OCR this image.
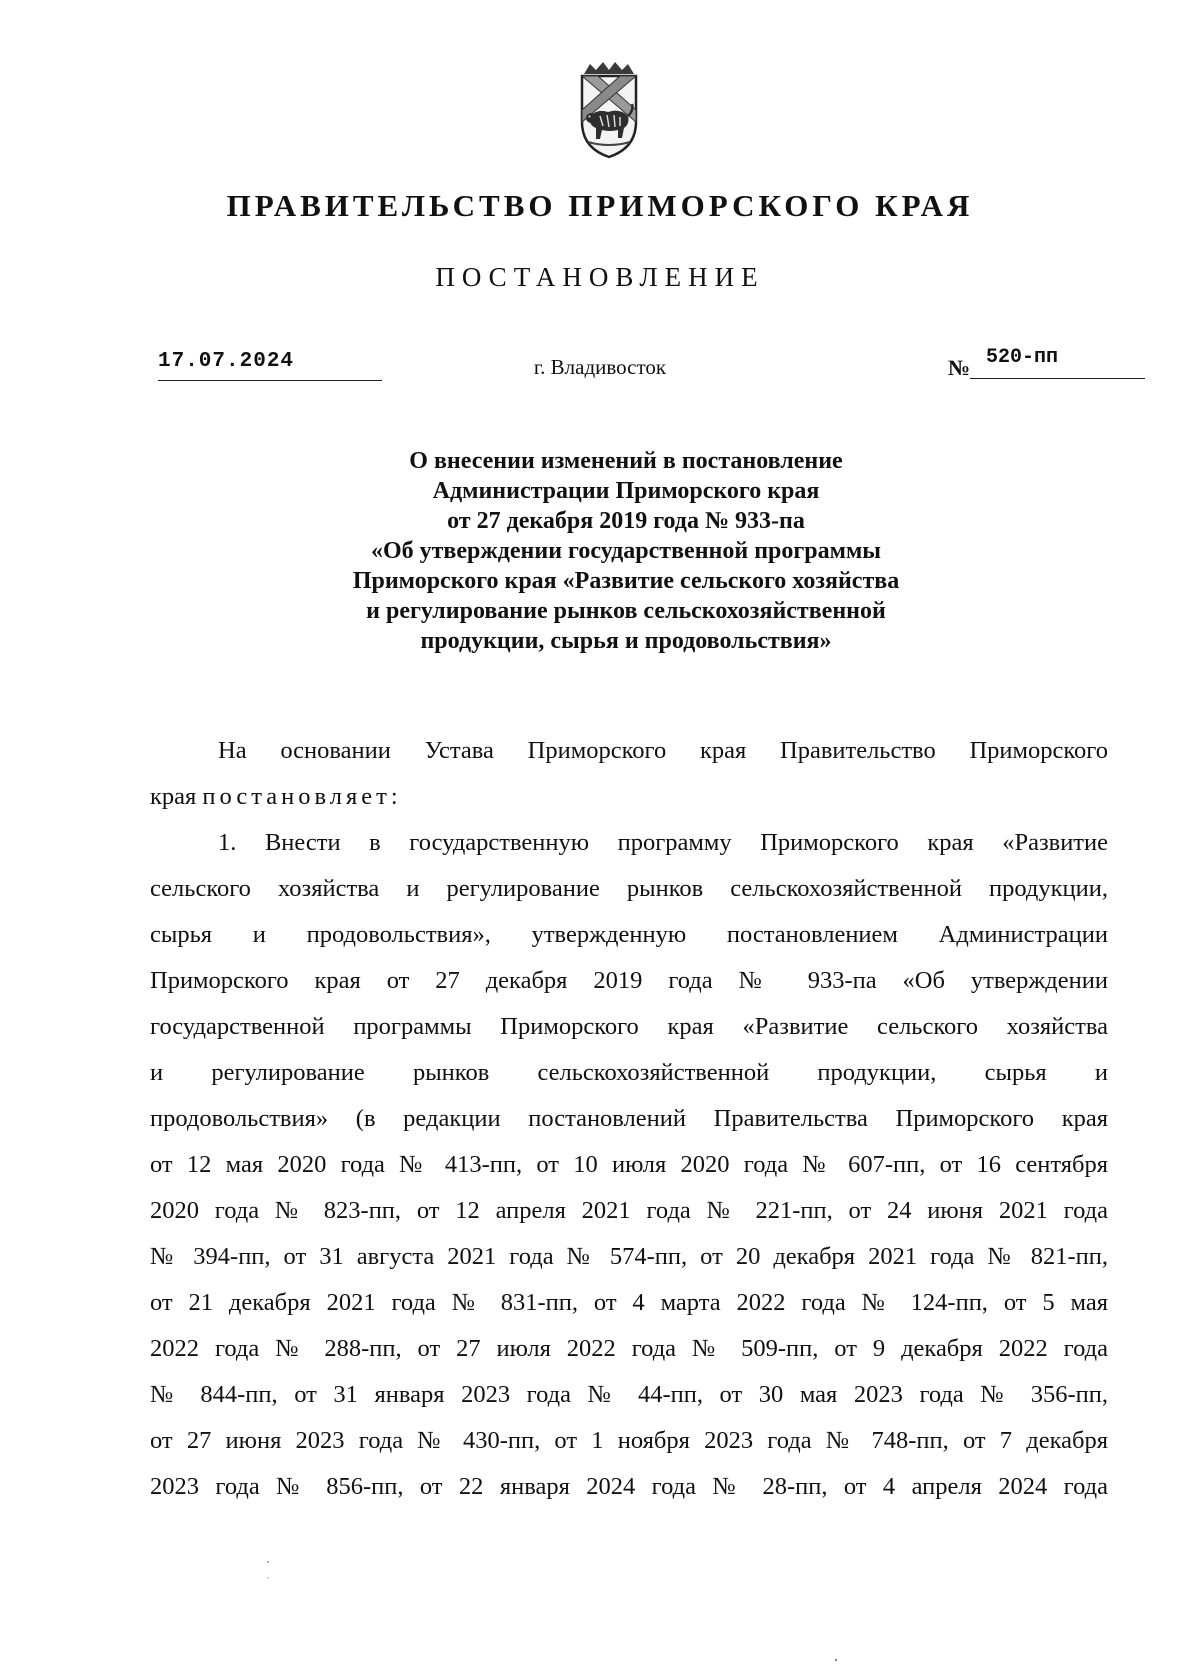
ПРАВИТЕЛЬСТВО ПРИМОРСКОГО КРАЯ
ПОСТАНОВЛЕНИЕ
17.07.2024	г. Владивосток	№ 520-пп
О внесении изменений в постановление
Администрации Приморского края
от 27 декабря 2019 года № 933-па
«Об утверждении государственной программы
Приморского края «Развитие сельского хозяйства
и регулирование рынков сельскохозяйственной
продукции, сырья и продовольствия»
На основании Устава Приморского края Правительство Приморского
края постановляет:
1. Внести в государственную программу Приморского края «Развитие
сельского хозяйства и регулирование рынков сельскохозяйственной продукции,
сырья и продовольствия», утвержденную постановлением Администрации
Приморского края от 27 декабря 2019 года № 933-па «Об утверждении
государственной программы Приморского края «Развитие сельского хозяйства
и регулирование рынков сельскохозяйственной продукции, сырья и
продовольствия» (в редакции постановлений Правительства Приморского края
от 12 мая 2020 года № 413-пп, от 10 июля 2020 года № 607-пп, от 16 сентября
2020 года № 823-пп, от 12 апреля 2021 года № 221-пп, от 24 июня 2021 года
№ 394-пп, от 31 августа 2021 года № 574-пп, от 20 декабря 2021 года № 821-пп,
от 21 декабря 2021 года № 831-пп, от 4 марта 2022 года № 124-пп, от 5 мая
2022 года № 288-пп, от 27 июля 2022 года № 509-пп, от 9 декабря 2022 года
№ 844-пп, от 31 января 2023 года № 44-пп, от 30 мая 2023 года № 356-пп,
от 27 июня 2023 года № 430-пп, от 1 ноября 2023 года № 748-пп, от 7 декабря
2023 года № 856-пп, от 22 января 2024 года № 28-пп, от 4 апреля 2024 года
